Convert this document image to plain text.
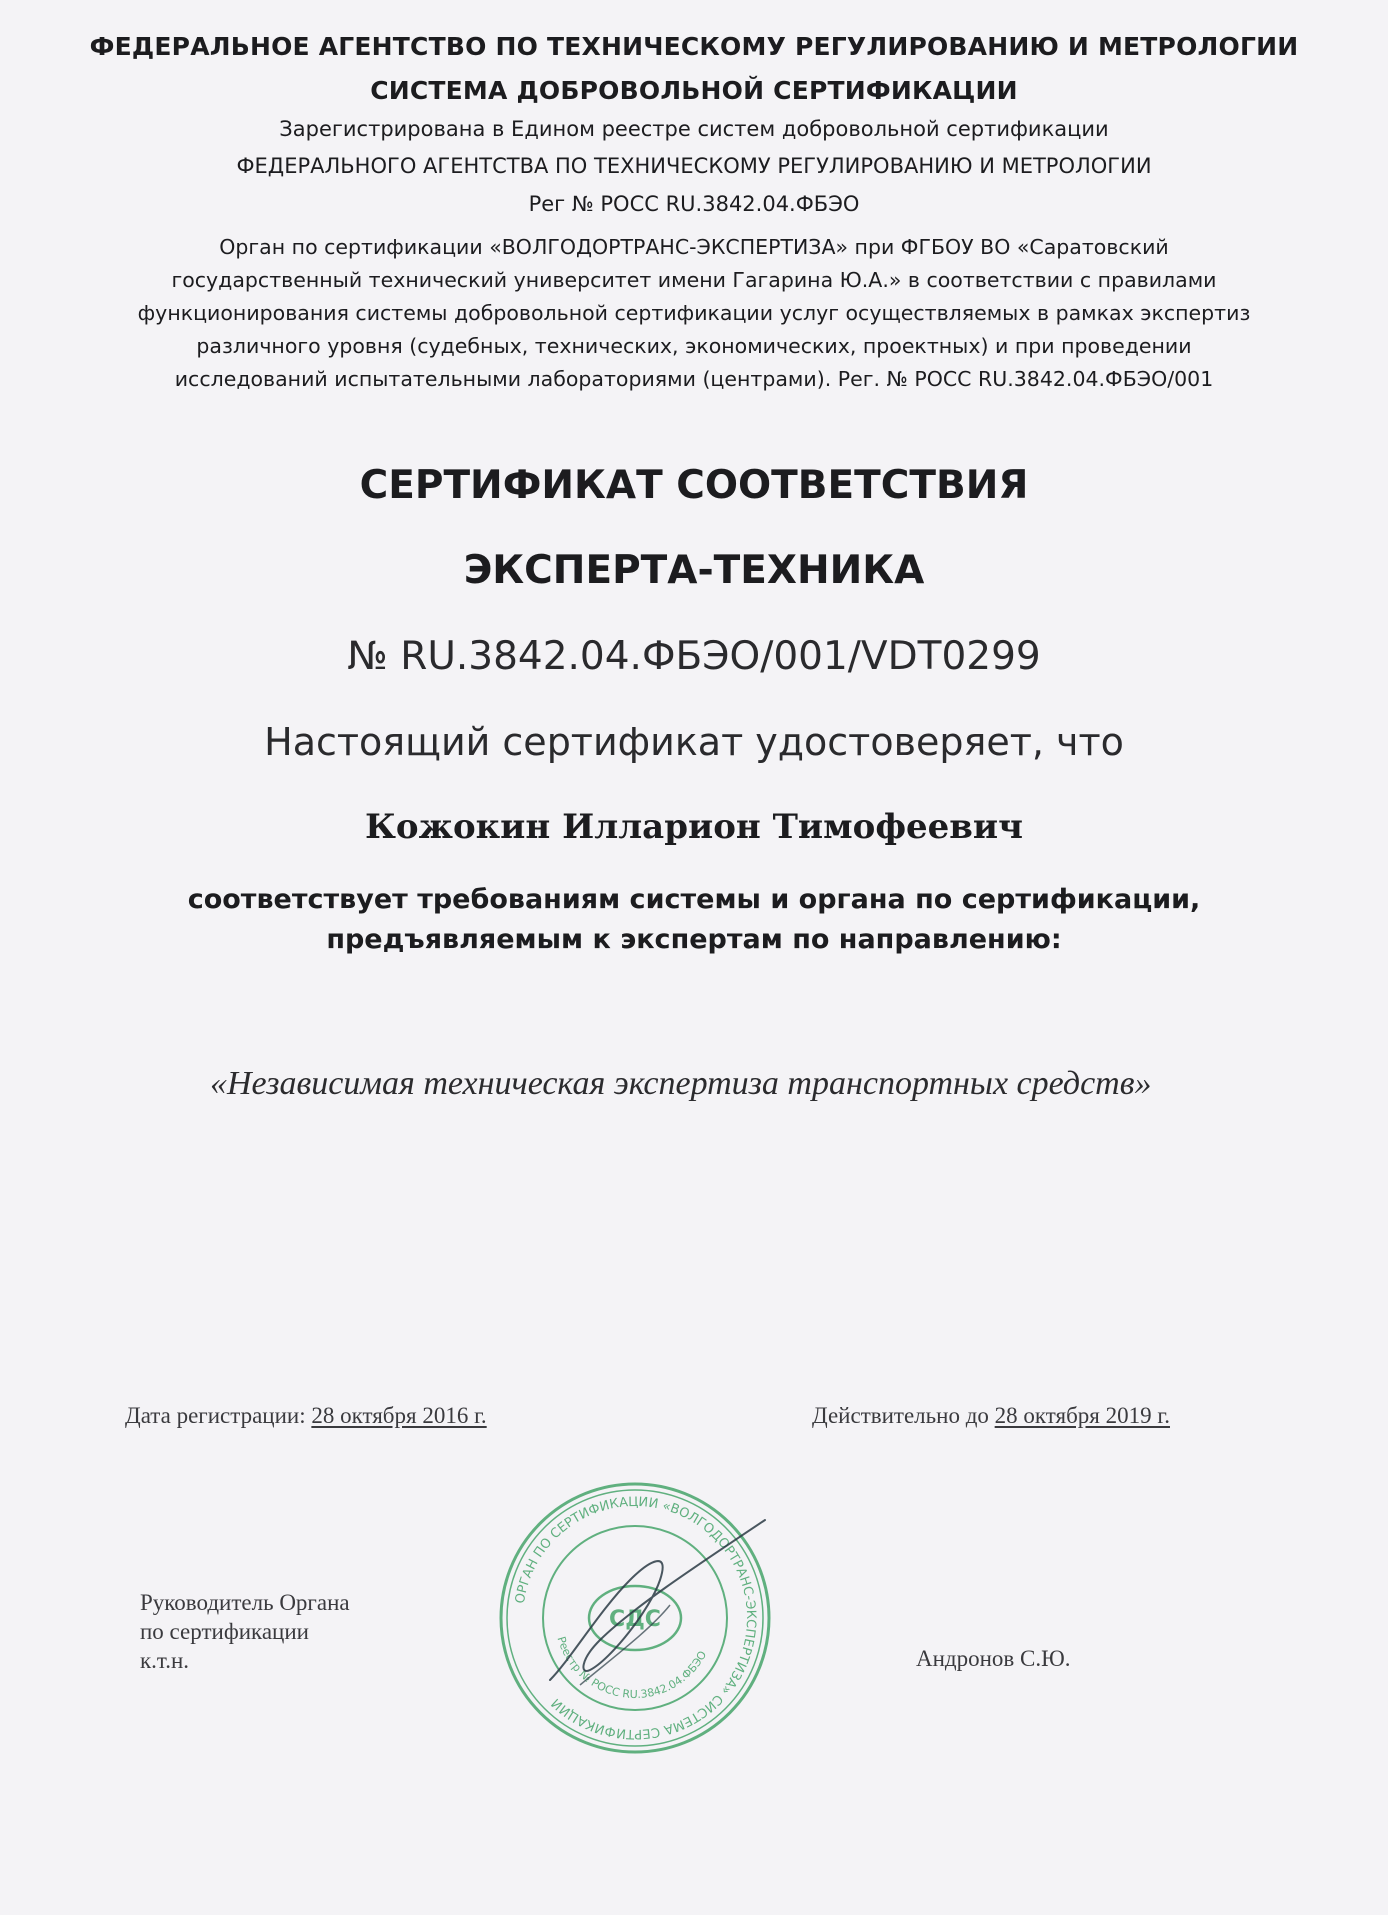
ФЕДЕРАЛЬНОЕ АГЕНТСТВО ПО ТЕХНИЧЕСКОМУ РЕГУЛИРОВАНИЮ И МЕТРОЛОГИИ
СИСТЕМА ДОБРОВОЛЬНОЙ СЕРТИФИКАЦИИ
Зарегистрирована в Едином реестре систем добровольной сертификации
ФЕДЕРАЛЬНОГО АГЕНТСТВА ПО ТЕХНИЧЕСКОМУ РЕГУЛИРОВАНИЮ И МЕТРОЛОГИИ
Рег № РОСС RU.3842.04.ФБЭО
Орган по сертификации «ВОЛГОДОРТРАНС-ЭКСПЕРТИЗА» при ФГБОУ ВО «Саратовский
государственный технический университет имени Гагарина Ю.А.» в соответствии с правилами
функционирования системы добровольной сертификации услуг осуществляемых в рамках экспертиз
различного уровня (судебных, технических, экономических, проектных) и при проведении
исследований испытательными лабораториями (центрами). Рег. № РОСС RU.3842.04.ФБЭО/001
СЕРТИФИКАТ СООТВЕТСТВИЯ
ЭКСПЕРТА-ТЕХНИКА
№ RU.3842.04.ФБЭО/001/VDT0299
Настоящий сертификат удостоверяет, что
Кожокин Илларион Тимофеевич
соответствует требованиям системы и органа по сертификации,
предъявляемым к экспертам по направлению:
«Независимая техническая экспертиза транспортных средств»
Дата регистрации: 28 октября 2016 г.	Действительно до 28 октября 2019 г.
Руководитель Органа
по сертификации
к.т.н.	Андронов С.Ю.
ОРГАН ПО СЕРТИФИКАЦИИ «ВОЛГОДОРТРАНС-ЭКСПЕРТИЗА» СИСТЕМА СЕРТИФИКАЦИИ
Реестр № РОСС RU.3842.04.ФБЭО
СДС
